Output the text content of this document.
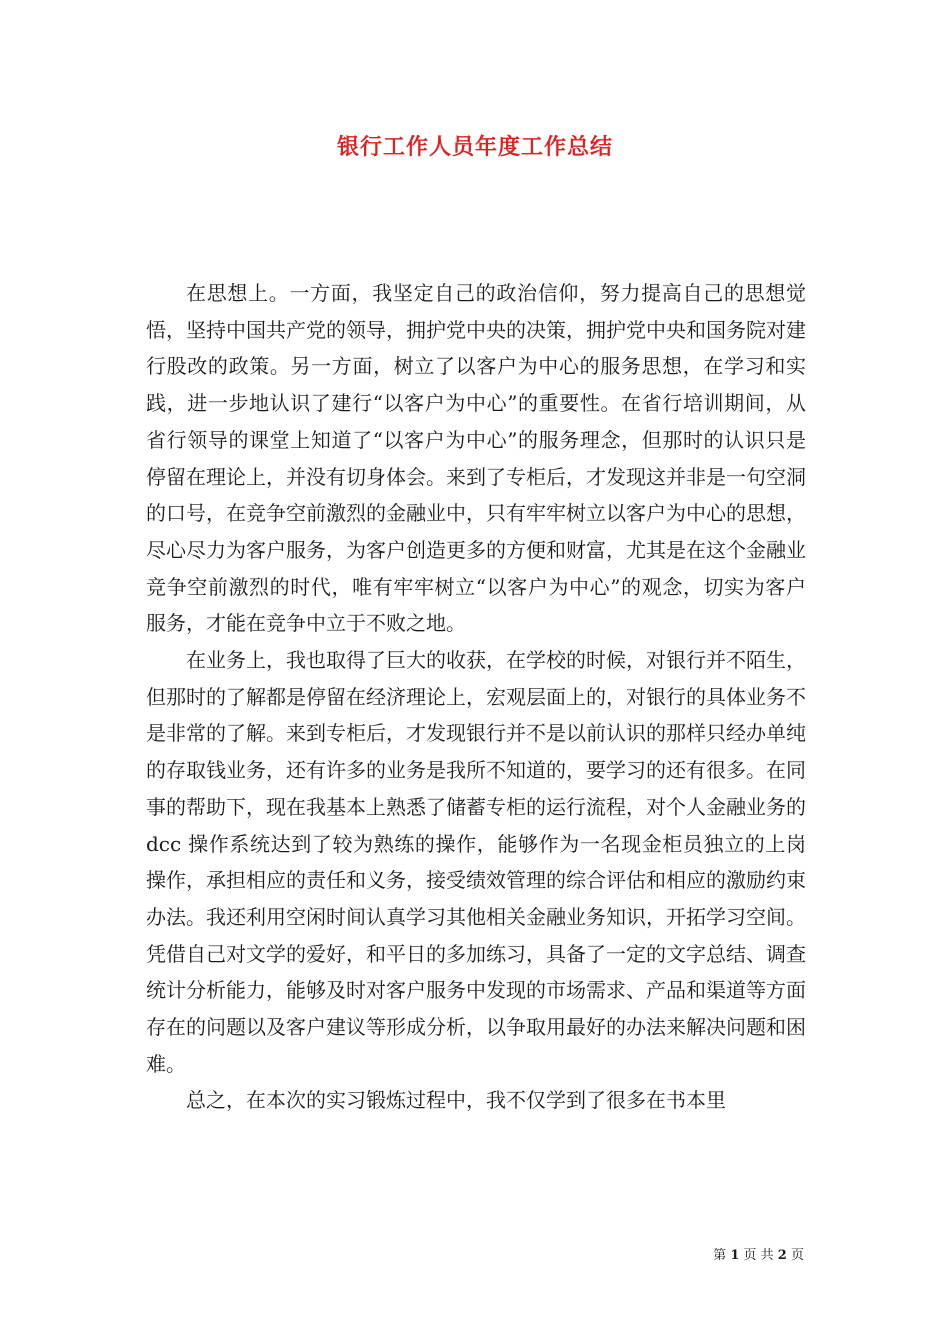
银行工作人员年度工作总结

在思想上。一方面，我坚定自己的政治信仰，努力提高自己的思想觉悟，坚持中国共产党的领导，拥护党中央的决策，拥护党中央和国务院对建行股改的政策。另一方面，树立了以客户为中心的服务思想，在学习和实践，进一步地认识了建行“以客户为中心”的重要性。在省行培训期间，从省行领导的课堂上知道了“以客户为中心”的服务理念，但那时的认识只是停留在理论上，并没有切身体会。来到了专柜后，才发现这并非是一句空洞的口号，在竞争空前激烈的金融业中，只有牢牢树立以客户为中心的思想，尽心尽力为客户服务，为客户创造更多的方便和财富，尤其是在这个金融业竞争空前激烈的时代，唯有牢牢树立“以客户为中心”的观念，切实为客户服务，才能在竞争中立于不败之地。

在业务上，我也取得了巨大的收获，在学校的时候，对银行并不陌生，但那时的了解都是停留在经济理论上，宏观层面上的，对银行的具体业务不是非常的了解。来到专柜后，才发现银行并不是以前认识的那样只经办单纯的存取钱业务，还有许多的业务是我所不知道的，要学习的还有很多。在同事的帮助下，现在我基本上熟悉了储蓄专柜的运行流程，对个人金融业务的 dcc 操作系统达到了较为熟练的操作，能够作为一名现金柜员独立的上岗操作，承担相应的责任和义务，接受绩效管理的综合评估和相应的激励约束办法。我还利用空闲时间认真学习其他相关金融业务知识，开拓学习空间。凭借自己对文学的爱好，和平日的多加练习，具备了一定的文字总结、调查统计分析能力，能够及时对客户服务中发现的市场需求、产品和渠道等方面存在的问题以及客户建议等形成分析，以争取用最好的办法来解决问题和困难。

总之，在本次的实习锻炼过程中，我不仅学到了很多在书本里

第 1 页 共 2 页
